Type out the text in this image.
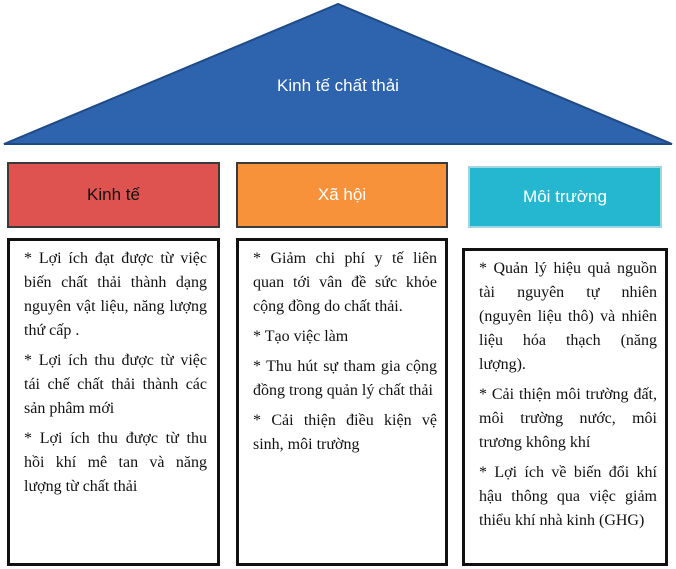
Kinh tế chất thải
Kinh tế	Xã hội	Môi trường
* Lợi ích đạt được từ việc biến chất thải thành dạng nguyên vật liệu, năng lượng thứ cấp .
* Lợi ích thu được từ việc tái chế chất thải thành các sản phâm mới
* Lợi ích thu được từ thu hồi khí mê tan và năng lượng từ chất thải
* Giảm chi phí y tế liên quan tới vân đề sức khỏe cộng đồng do chất thải.
* Tạo việc làm
* Thu hút sự tham gia cộng đồng trong quản lý chất thải
* Cải thiện điều kiện vệ sinh, môi trường
* Quản lý hiệu quả nguồn tài nguyên tự nhiên (nguyên liệu thô) và nhiên liệu hóa thạch (năng lượng).
* Cải thiện môi trường đất, môi trường nước, môi trương không khí
* Lợi ích về biến đổi khí hậu thông qua việc giảm thiểu khí nhà kinh (GHG)
